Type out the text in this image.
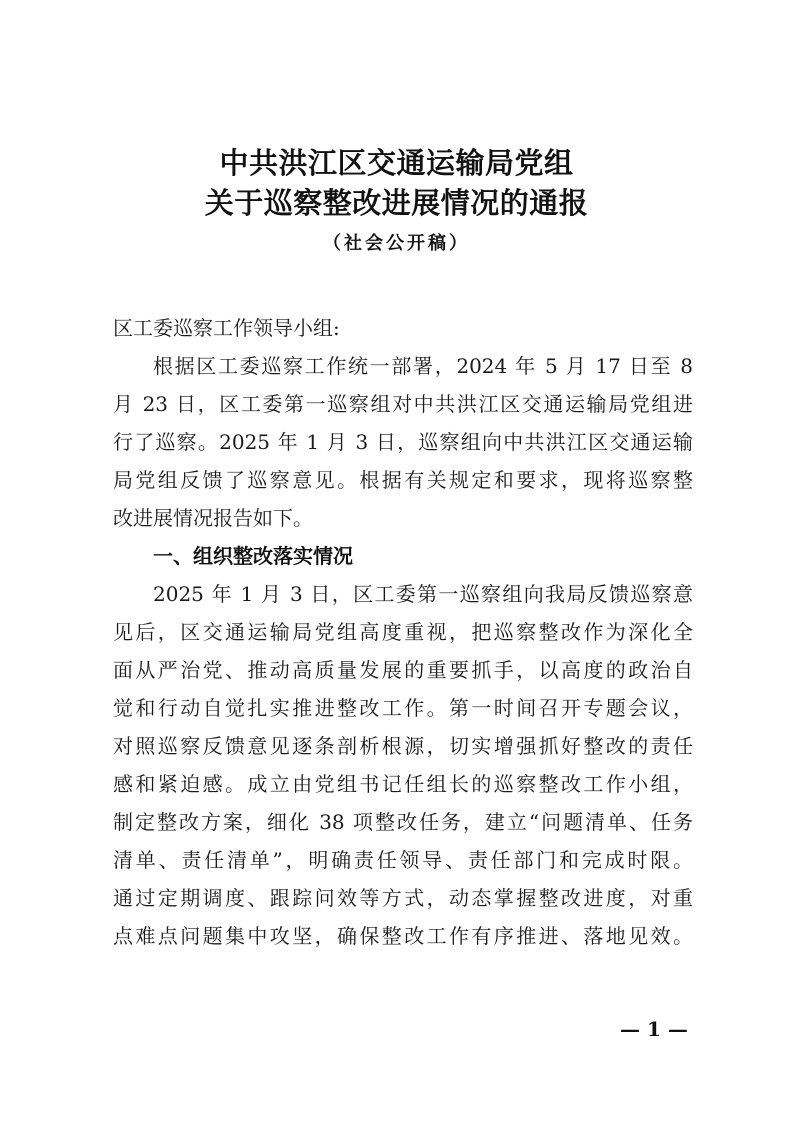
中共洪江区交通运输局党组
关于巡察整改进展情况的通报
（社会公开稿）
区工委巡察工作领导小组:
根据区工委巡察工作统一部署，2024 年 5 月 17 日至 8
月 23 日，区工委第一巡察组对中共洪江区交通运输局党组进
行了巡察。2025 年 1 月 3 日，巡察组向中共洪江区交通运输
局党组反馈了巡察意见。根据有关规定和要求，现将巡察整
改进展情况报告如下。
一、组织整改落实情况
2025 年 1 月 3 日，区工委第一巡察组向我局反馈巡察意
见后，区交通运输局党组高度重视，把巡察整改作为深化全
面从严治党、推动高质量发展的重要抓手，以高度的政治自
觉和行动自觉扎实推进整改工作。第一时间召开专题会议，
对照巡察反馈意见逐条剖析根源，切实增强抓好整改的责任
感和紧迫感。成立由党组书记任组长的巡察整改工作小组，
制定整改方案，细化 38 项整改任务，建立“问题清单、任务
清单、责任清单”，明确责任领导、责任部门和完成时限。
通过定期调度、跟踪问效等方式，动态掌握整改进度，对重
点难点问题集中攻坚，确保整改工作有序推进、落地见效。
— 1 —
